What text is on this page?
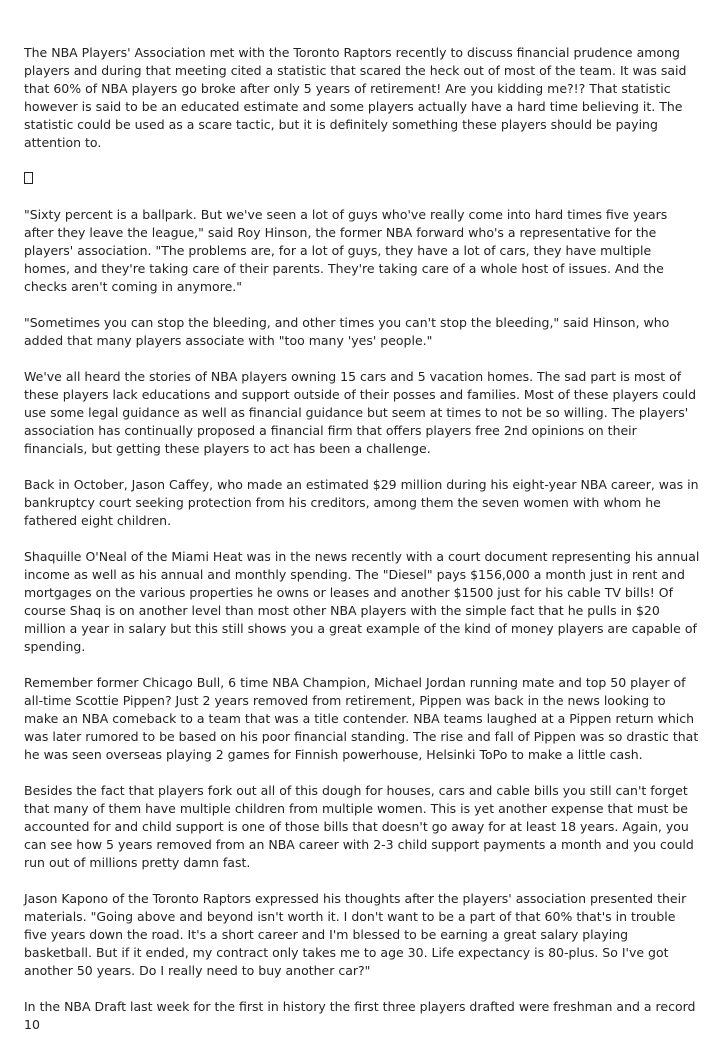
The NBA Players' Association met with the Toronto Raptors recently to discuss financial prudence among players and during that meeting cited a statistic that scared the heck out of most of the team. It was said that 60% of NBA players go broke after only 5 years of retirement! Are you kidding me?!? That statistic however is said to be an educated estimate and some players actually have a hard time believing it. The statistic could be used as a scare tactic, but it is definitely something these players should be paying attention to.

"Sixty percent is a ballpark. But we've seen a lot of guys who've really come into hard times five years after they leave the league," said Roy Hinson, the former NBA forward who's a representative for the players' association. "The problems are, for a lot of guys, they have a lot of cars, they have multiple homes, and they're taking care of their parents. They're taking care of a whole host of issues. And the checks aren't coming in anymore."

"Sometimes you can stop the bleeding, and other times you can't stop the bleeding," said Hinson, who added that many players associate with "too many 'yes' people."

We've all heard the stories of NBA players owning 15 cars and 5 vacation homes. The sad part is most of these players lack educations and support outside of their posses and families. Most of these players could use some legal guidance as well as financial guidance but seem at times to not be so willing. The players' association has continually proposed a financial firm that offers players free 2nd opinions on their financials, but getting these players to act has been a challenge.

Back in October, Jason Caffey, who made an estimated $29 million during his eight-year NBA career, was in bankruptcy court seeking protection from his creditors, among them the seven women with whom he fathered eight children.

Shaquille O'Neal of the Miami Heat was in the news recently with a court document representing his annual income as well as his annual and monthly spending. The "Diesel" pays $156,000 a month just in rent and mortgages on the various properties he owns or leases and another $1500 just for his cable TV bills! Of course Shaq is on another level than most other NBA players with the simple fact that he pulls in $20 million a year in salary but this still shows you a great example of the kind of money players are capable of spending.

Remember former Chicago Bull, 6 time NBA Champion, Michael Jordan running mate and top 50 player of all-time Scottie Pippen? Just 2 years removed from retirement, Pippen was back in the news looking to make an NBA comeback to a team that was a title contender. NBA teams laughed at a Pippen return which was later rumored to be based on his poor financial standing. The rise and fall of Pippen was so drastic that he was seen overseas playing 2 games for Finnish powerhouse, Helsinki ToPo to make a little cash.

Besides the fact that players fork out all of this dough for houses, cars and cable bills you still can't forget that many of them have multiple children from multiple women. This is yet another expense that must be accounted for and child support is one of those bills that doesn't go away for at least 18 years. Again, you can see how 5 years removed from an NBA career with 2-3 child support payments a month and you could run out of millions pretty damn fast.

Jason Kapono of the Toronto Raptors expressed his thoughts after the players' association presented their materials. "Going above and beyond isn't worth it. I don't want to be a part of that 60% that's in trouble five years down the road. It's a short career and I'm blessed to be earning a great salary playing basketball. But if it ended, my contract only takes me to age 30. Life expectancy is 80-plus. So I've got another 50 years. Do I really need to buy another car?"

In the NBA Draft last week for the first in history the first three players drafted were freshman and a record 10
